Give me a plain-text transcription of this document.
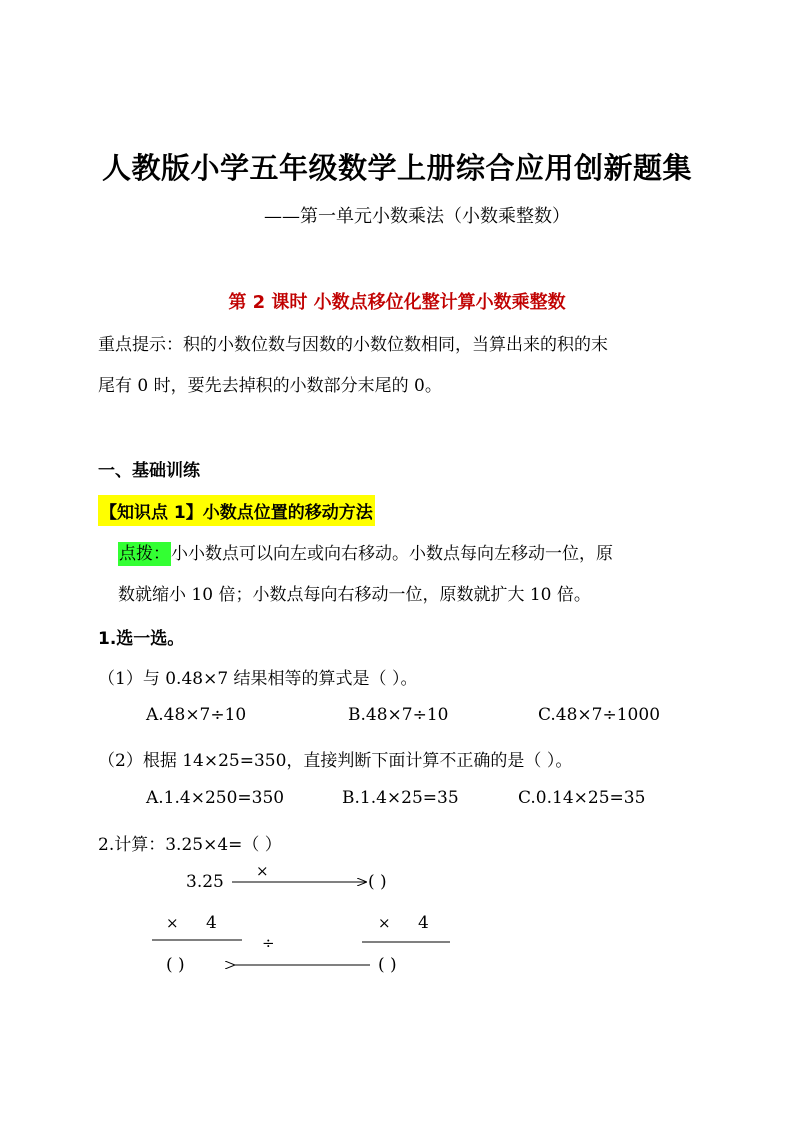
人教版小学五年级数学上册综合应用创新题集
——第一单元小数乘法（小数乘整数）
第 2 课时 小数点移位化整计算小数乘整数
重点提示：积的小数位数与因数的小数位数相同，当算出来的积的末
尾有 0 时，要先去掉积的小数部分末尾的 0。
一、基础训练
【知识点 1】小数点位置的移动方法
点拨：小小数点可以向左或向右移动。小数点每向左移动一位，原
数就缩小 10 倍；小数点每向右移动一位，原数就扩大 10 倍。
1.选一选。
（1）与 0.48×7 结果相等的算式是（ ）。
A.48×7÷10	B.48×7÷10	C.48×7÷1000
（2）根据 14×25=350，直接判断下面计算不正确的是（ ）。
A.1.4×250=350	B.1.4×25=35	C.0.14×25=35
2.计算：3.25×4=（ ）
3.25
×
( )
× 4	× 4
÷
( )	( )
